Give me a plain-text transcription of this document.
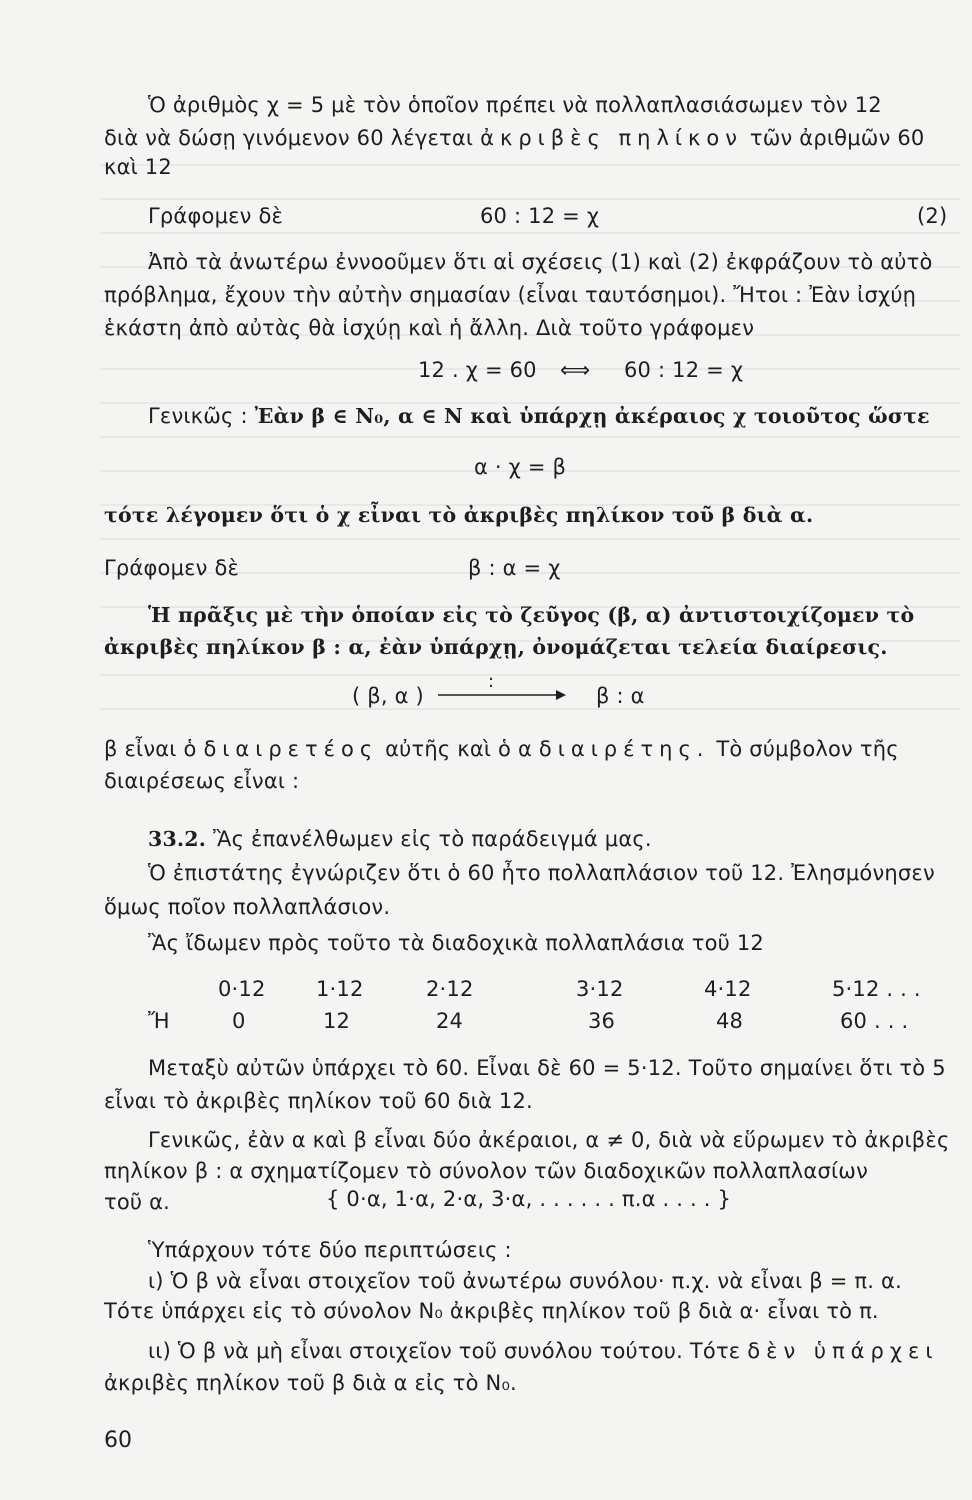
Ὁ ἀριθμὸς χ = 5 μὲ τὸν ὁποῖον πρέπει νὰ πολλαπλασιάσωμεν τὸν 12
διὰ νὰ δώσῃ γινόμενον 60 λέγεται ἀκριβὲς πηλίκον τῶν ἀριθμῶν 60
καὶ 12
Γράφομεν δὲ	60 : 12 = χ	(2)
Ἀπὸ τὰ ἀνωτέρω ἐννοοῦμεν ὅτι αἱ σχέσεις (1) καὶ (2) ἐκφράζουν τὸ αὐτὸ
πρόβλημα, ἔχουν τὴν αὐτὴν σημασίαν (εἶναι ταυτόσημοι). Ἤτοι : Ἐὰν ἰσχύῃ
ἑκάστη ἀπὸ αὐτὰς θὰ ἰσχύῃ καὶ ἡ ἄλλη. Διὰ τοῦτο γράφομεν
12 . χ = 60 ⟺ 60 : 12 = χ
Γενικῶς : Ἐὰν β ∈ N₀, α ∈ N καὶ ὑπάρχῃ ἀκέραιος χ τοιοῦτος ὥστε
α · χ = β
τότε λέγομεν ὅτι ὁ χ εἶναι τὸ ἀκριβὲς πηλίκον τοῦ β διὰ α.
Γράφομεν δὲ	β : α = χ
Ἡ πρᾶξις μὲ τὴν ὁποίαν εἰς τὸ ζεῦγος (β, α) ἀντιστοιχίζομεν τὸ
ἀκριβὲς πηλίκον β : α, ἐὰν ὑπάρχῃ, ὀνομάζεται τελεία διαίρεσις.
( β, α )
:
β : α
β εἶναι ὁ διαιρετέος αὐτῆς καὶ ὁ α διαιρέτης. Τὸ σύμβολον τῆς
διαιρέσεως εἶναι :
33.2. Ἂς ἐπανέλθωμεν εἰς τὸ παράδειγμά μας.
Ὁ ἐπιστάτης ἐγνώριζεν ὅτι ὁ 60 ἦτο πολλαπλάσιον τοῦ 12. Ἐλησμόνησεν
ὅμως ποῖον πολλαπλάσιον.
Ἂς ἴδωμεν πρὸς τοῦτο τὰ διαδοχικὰ πολλαπλάσια τοῦ 12
0·12 1·12	2·12	3·12	4·12	5·12 . . .
Ἤ	0	12	24	36	48	60 . . .
Μεταξὺ αὐτῶν ὑπάρχει τὸ 60. Εἶναι δὲ 60 = 5·12. Τοῦτο σημαίνει ὅτι τὸ 5
εἶναι τὸ ἀκριβὲς πηλίκον τοῦ 60 διὰ 12.
Γενικῶς, ἐὰν α καὶ β εἶναι δύο ἀκέραιοι, α ≠ 0, διὰ νὰ εὕρωμεν τὸ ἀκριβὲς
πηλίκον β : α σχηματίζομεν τὸ σύνολον τῶν διαδοχικῶν πολλαπλασίων
τοῦ α.	{ 0·α, 1·α, 2·α, 3·α, . . . . . . π.α . . . . }
Ὑπάρχουν τότε δύο περιπτώσεις :
ι) Ὁ β νὰ εἶναι στοιχεῖον τοῦ ἀνωτέρω συνόλου· π.χ. νὰ εἶναι β = π. α.
Τότε ὑπάρχει εἰς τὸ σύνολον N₀ ἀκριβὲς πηλίκον τοῦ β διὰ α· εἶναι τὸ π.
ιι) Ὁ β νὰ μὴ εἶναι στοιχεῖον τοῦ συνόλου τούτου. Τότε δὲν ὑπάρχει
ἀκριβὲς πηλίκον τοῦ β διὰ α εἰς τὸ N₀.
60
